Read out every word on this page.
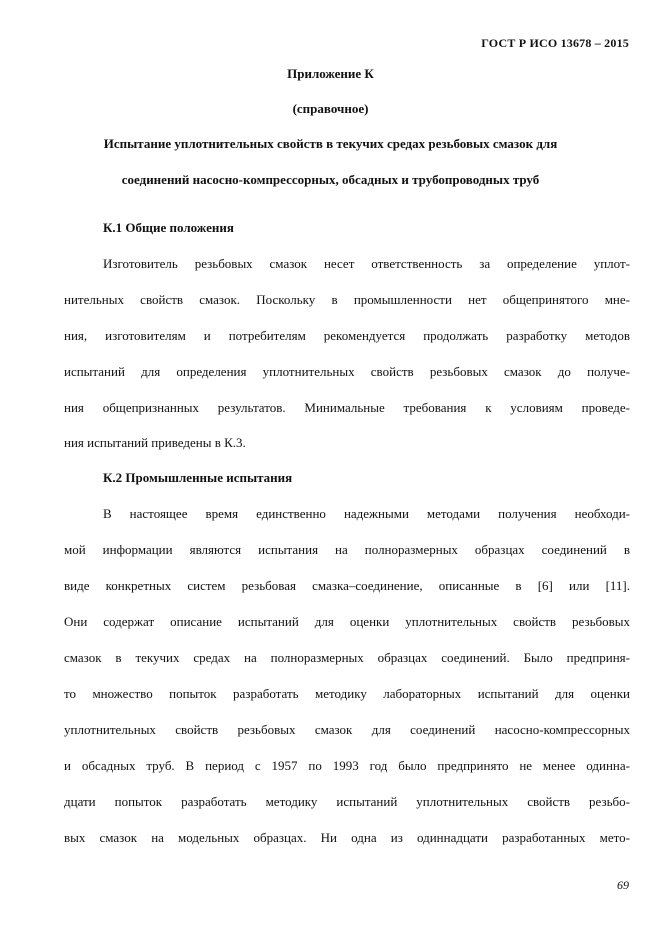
ГОСТ Р ИСО 13678 – 2015
Приложение К
(справочное)
Испытание уплотнительных свойств в текучих средах резьбовых смазок для
соединений насосно-компрессорных, обсадных и трубопроводных труб
К.1 Общие положения
Изготовитель резьбовых смазок несет ответственность за определение уплот-
нительных свойств смазок. Поскольку в промышленности нет общепринятого мне-
ния, изготовителям и потребителям рекомендуется продолжать разработку методов
испытаний для определения уплотнительных свойств резьбовых смазок до получе-
ния общепризнанных результатов. Минимальные требования к условиям проведе-
ния испытаний приведены в К.3.
К.2 Промышленные испытания
В настоящее время единственно надежными методами получения необходи-
мой информации являются испытания на полноразмерных образцах соединений в
виде конкретных систем резьбовая смазка–соединение, описанные в [6] или [11].
Они содержат описание испытаний для оценки уплотнительных свойств резьбовых
смазок в текучих средах на полноразмерных образцах соединений. Было предприня-
то множество попыток разработать методику лабораторных испытаний для оценки
уплотнительных свойств резьбовых смазок для соединений насосно-компрессорных
и обсадных труб. В период с 1957 по 1993 год было предпринято не менее одинна-
дцати попыток разработать методику испытаний уплотнительных свойств резьбо-
вых смазок на модельных образцах. Ни одна из одиннадцати разработанных мето-
69
